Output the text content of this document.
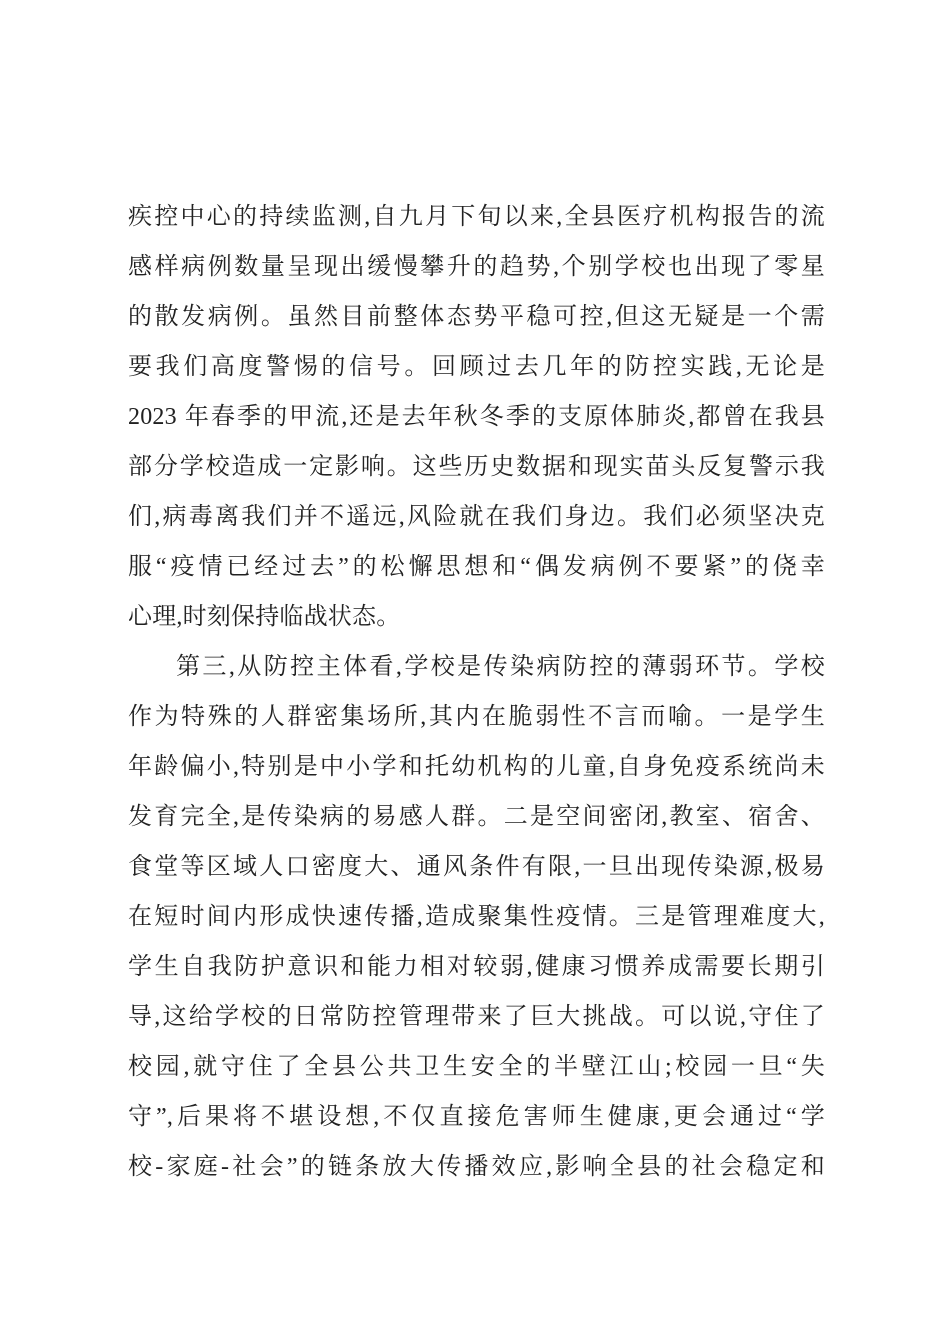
疾控中心的持续监测,自九月下旬以来,全县医疗机构报告的流
感样病例数量呈现出缓慢攀升的趋势,个别学校也出现了零星
的散发病例。虽然目前整体态势平稳可控,但这无疑是一个需
要我们高度警惕的信号。回顾过去几年的防控实践,无论是
2023 年春季的甲流,还是去年秋冬季的支原体肺炎,都曾在我县
部分学校造成一定影响。这些历史数据和现实苗头反复警示我
们,病毒离我们并不遥远,风险就在我们身边。我们必须坚决克
服“疫情已经过去”的松懈思想和“偶发病例不要紧”的侥幸
心理,时刻保持临战状态。
第三,从防控主体看,学校是传染病防控的薄弱环节。学校
作为特殊的人群密集场所,其内在脆弱性不言而喻。一是学生
年龄偏小,特别是中小学和托幼机构的儿童,自身免疫系统尚未
发育完全,是传染病的易感人群。二是空间密闭,教室、宿舍、
食堂等区域人口密度大、通风条件有限,一旦出现传染源,极易
在短时间内形成快速传播,造成聚集性疫情。三是管理难度大,
学生自我防护意识和能力相对较弱,健康习惯养成需要长期引
导,这给学校的日常防控管理带来了巨大挑战。可以说,守住了
校园,就守住了全县公共卫生安全的半壁江山;校园一旦“失
守”,后果将不堪设想,不仅直接危害师生健康,更会通过“学
校-家庭-社会”的链条放大传播效应,影响全县的社会稳定和
